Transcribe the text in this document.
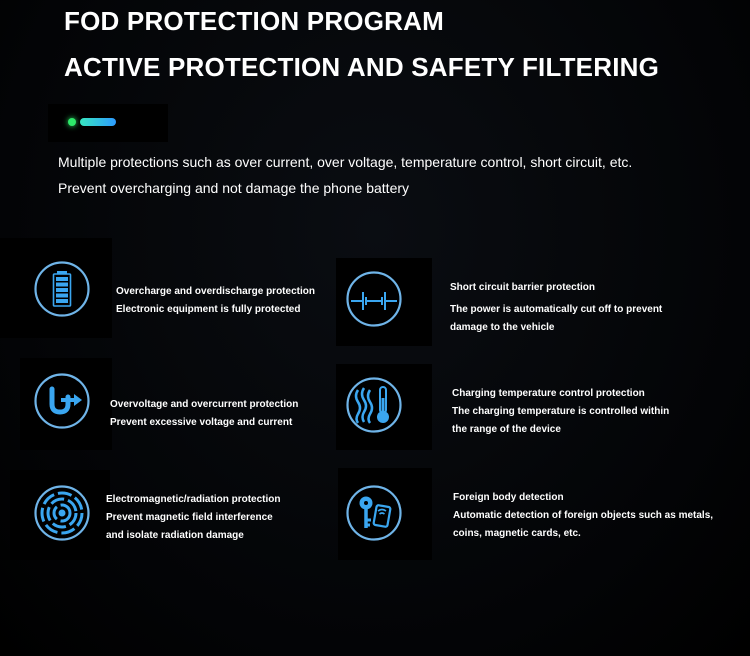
FOD PROTECTION PROGRAM
ACTIVE PROTECTION AND SAFETY FILTERING

Multiple protections such as over current, over voltage, temperature control, short circuit, etc.

Prevent overcharging and not damage the phone battery

Overcharge and overdischarge protection
Electronic equipment is fully protected
Short circuit barrier protection
The power is automatically cut off to prevent
damage to the vehicle
Overvoltage and overcurrent protection
Prevent excessive voltage and current
Charging temperature control protection
The charging temperature is controlled within
the range of the device
Electromagnetic/radiation protection
Prevent magnetic field interference
and isolate radiation damage
Foreign body detection
Automatic detection of foreign objects such as metals,
coins, magnetic cards, etc.
